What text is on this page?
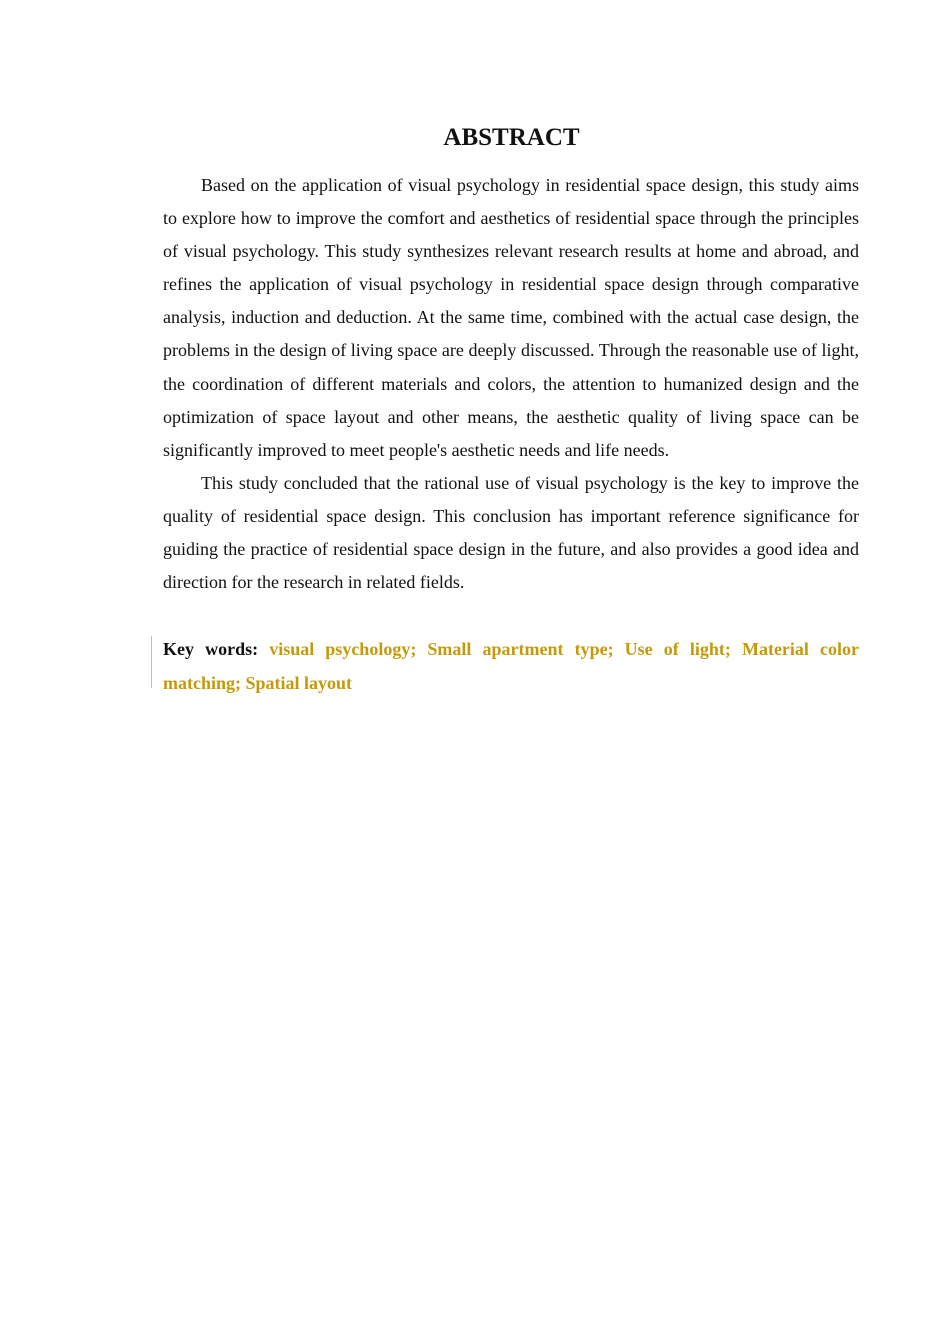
ABSTRACT

Based on the application of visual psychology in residential space design, this study aims to explore how to improve the comfort and aesthetics of residential space through the principles of visual psychology. This study synthesizes relevant research results at home and abroad, and refines the application of visual psychology in residential space design through comparative analysis, induction and deduction. At the same time, combined with the actual case design, the problems in the design of living space are deeply discussed. Through the reasonable use of light, the coordination of different materials and colors, the attention to humanized design and the optimization of space layout and other means, the aesthetic quality of living space can be significantly improved to meet people's aesthetic needs and life needs.

This study concluded that the rational use of visual psychology is the key to improve the quality of residential space design. This conclusion has important reference significance for guiding the practice of residential space design in the future, and also provides a good idea and direction for the research in related fields.

Key words: visual psychology; Small apartment type; Use of light; Material color matching; Spatial layout
